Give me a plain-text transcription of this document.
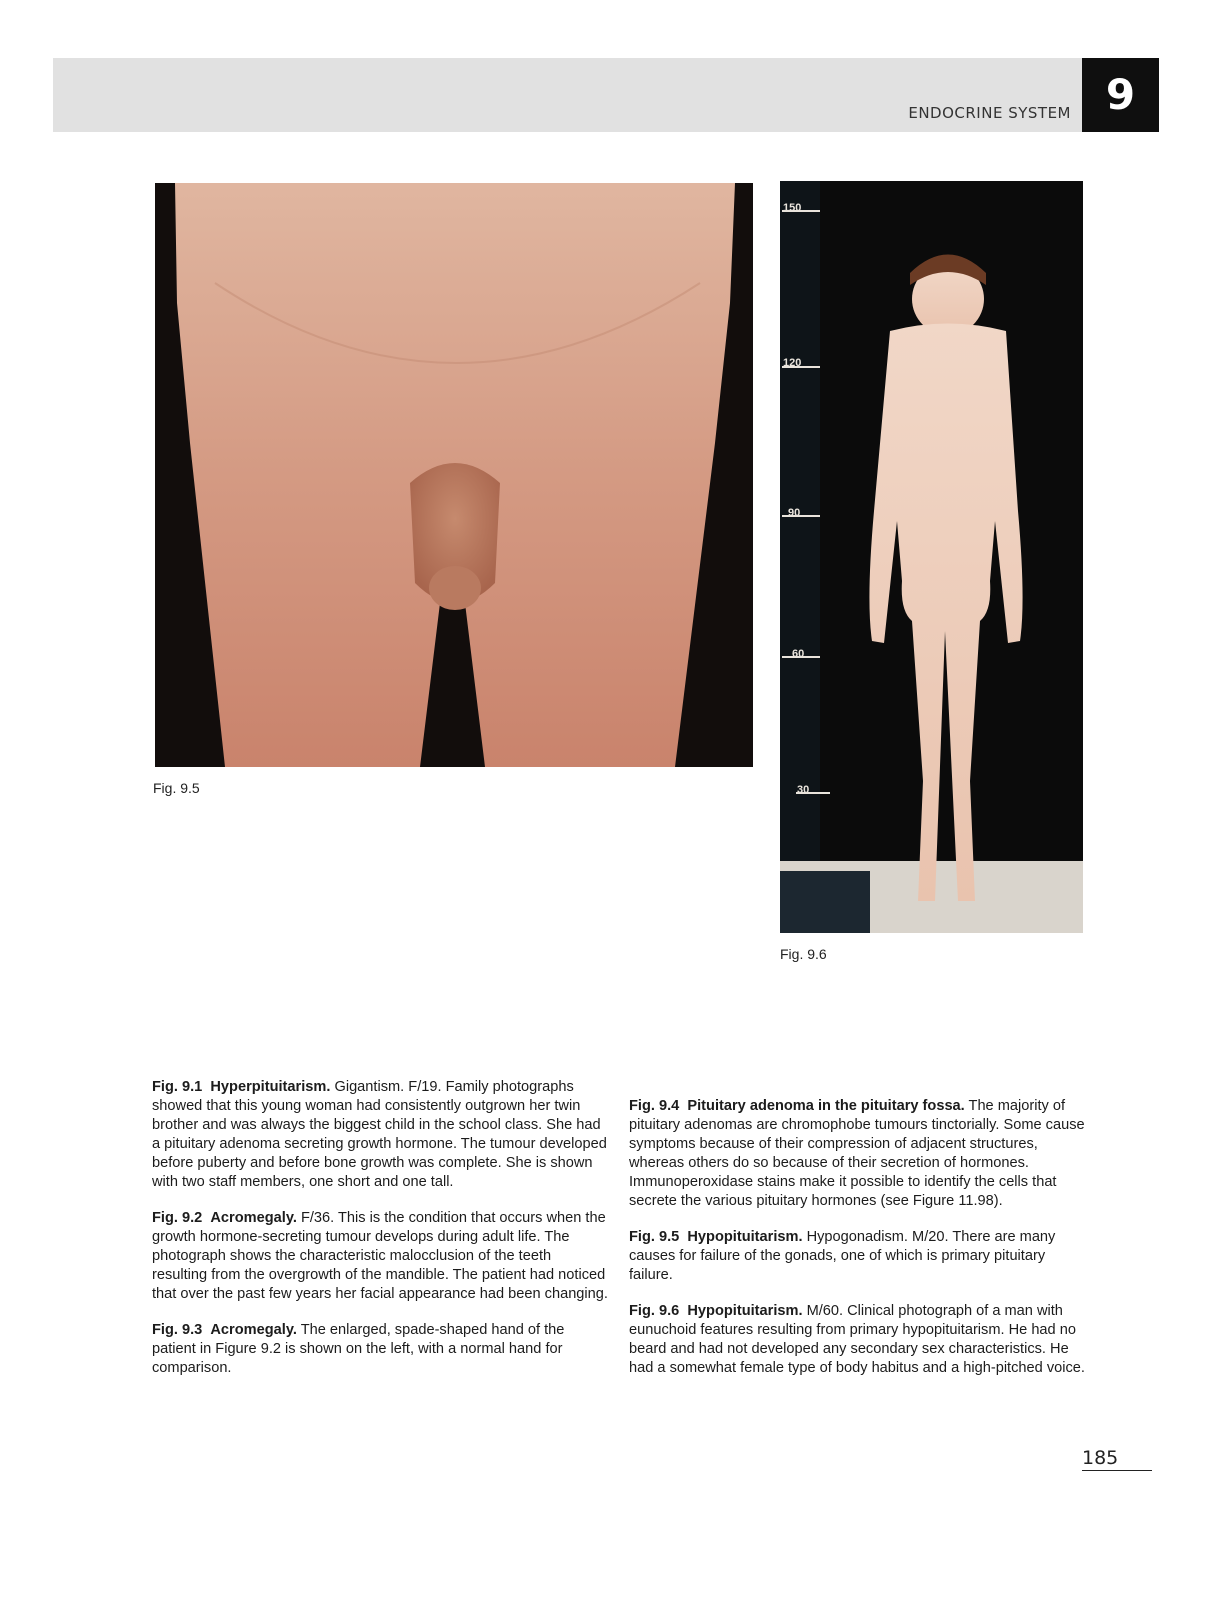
ENDOCRINE SYSTEM 9
150
120
90
60
30
Fig. 9.5
Fig. 9.6

Fig. 9.1 Hyperpituitarism. Gigantism. F/19. Family photographs showed that this young woman had consistently outgrown her twin brother and was always the biggest child in the school class. She had a pituitary adenoma secreting growth hormone. The tumour developed before puberty and before bone growth was complete. She is shown with two staff members, one short and one tall.

Fig. 9.2 Acromegaly. F/36. This is the condition that occurs when the growth hormone-secreting tumour develops during adult life. The photograph shows the characteristic malocclusion of the teeth resulting from the overgrowth of the mandible. The patient had noticed that over the past few years her facial appearance had been changing.

Fig. 9.3 Acromegaly. The enlarged, spade-shaped hand of the patient in Figure 9.2 is shown on the left, with a normal hand for comparison.

Fig. 9.4 Pituitary adenoma in the pituitary fossa. The majority of pituitary adenomas are chromophobe tumours tinctorially. Some cause symptoms because of their compression of adjacent structures, whereas others do so because of their secretion of hormones. Immunoperoxidase stains make it possible to identify the cells that secrete the various pituitary hormones (see Figure 11.98).

Fig. 9.5 Hypopituitarism. Hypogonadism. M/20. There are many causes for failure of the gonads, one of which is primary pituitary failure.

Fig. 9.6 Hypopituitarism. M/60. Clinical photograph of a man with eunuchoid features resulting from primary hypopituitarism. He had no beard and had not developed any secondary sex characteristics. He had a somewhat female type of body habitus and a high-pitched voice.

185
